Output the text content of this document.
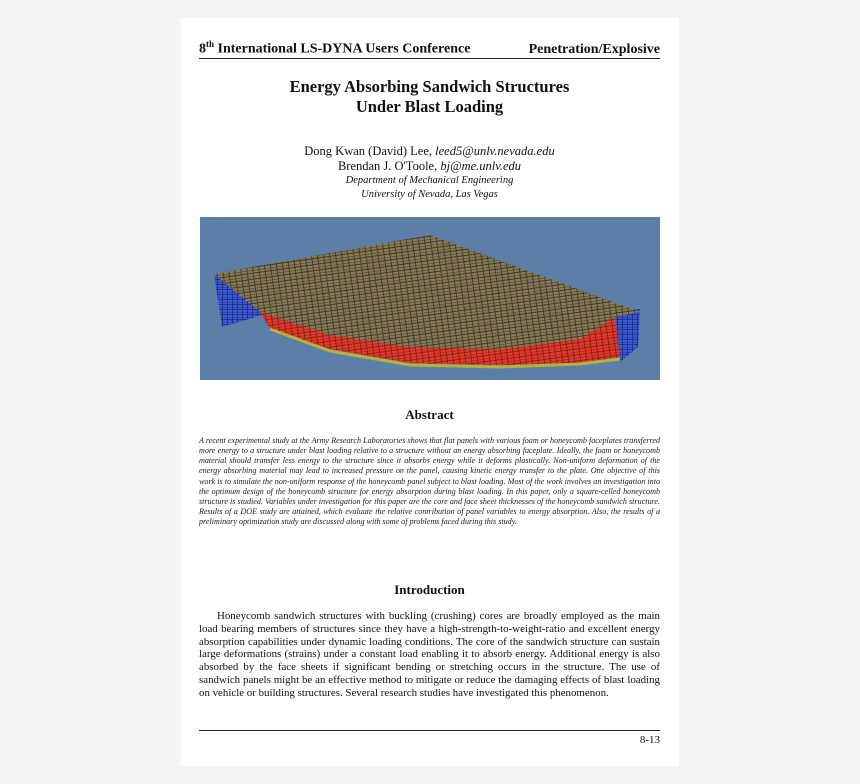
8th International LS-DYNA Users Conference	Penetration/Explosive
Energy Absorbing Sandwich Structures
Under Blast Loading
Dong Kwan (David) Lee, leed5@unlv.nevada.edu
Brendan J. O'Toole, bj@me.unlv.edu
Department of Mechanical Engineering
University of Nevada, Las Vegas
Abstract
A recent experimental study at the Army Research Laboratories shows that flat panels with various foam or honeycomb faceplates transferred more energy to a structure under blast loading relative to a structure without an energy absorbing faceplate. Ideally, the foam or honeycomb material should transfer less energy to the structure since it absorbs energy while it deforms plastically. Non-uniform deformation of the energy absorbing material may lead to increased pressure on the panel, causing kinetic energy transfer to the plate. One objective of this work is to simulate the non-uniform response of the honeycomb panel subject to blast loading. Most of the work involves an investigation into the optimum design of the honeycomb structure for energy absorption during blast loading. In this paper, only a square-celled honeycomb structure is studied. Variables under investigation for this paper are the core and face sheet thicknesses of the honeycomb sandwich structure. Results of a DOE study are attained, which evaluate the relative contribution of panel variables to energy absorption. Also, the results of a preliminary optimization study are discussed along with some of problems faced during this study.
Introduction
Honeycomb sandwich structures with buckling (crushing) cores are broadly employed as the main load bearing members of structures since they have a high-strength-to-weight-ratio and excellent energy absorption capabilities under dynamic loading conditions. The core of the sandwich structure can sustain large deformations (strains) under a constant load enabling it to absorb energy. Additional energy is also absorbed by the face sheets if significant bending or stretching occurs in the structure. The use of sandwich panels might be an effective method to mitigate or reduce the damaging effects of blast loading on vehicle or building structures. Several research studies have investigated this phenomenon.
8-13
